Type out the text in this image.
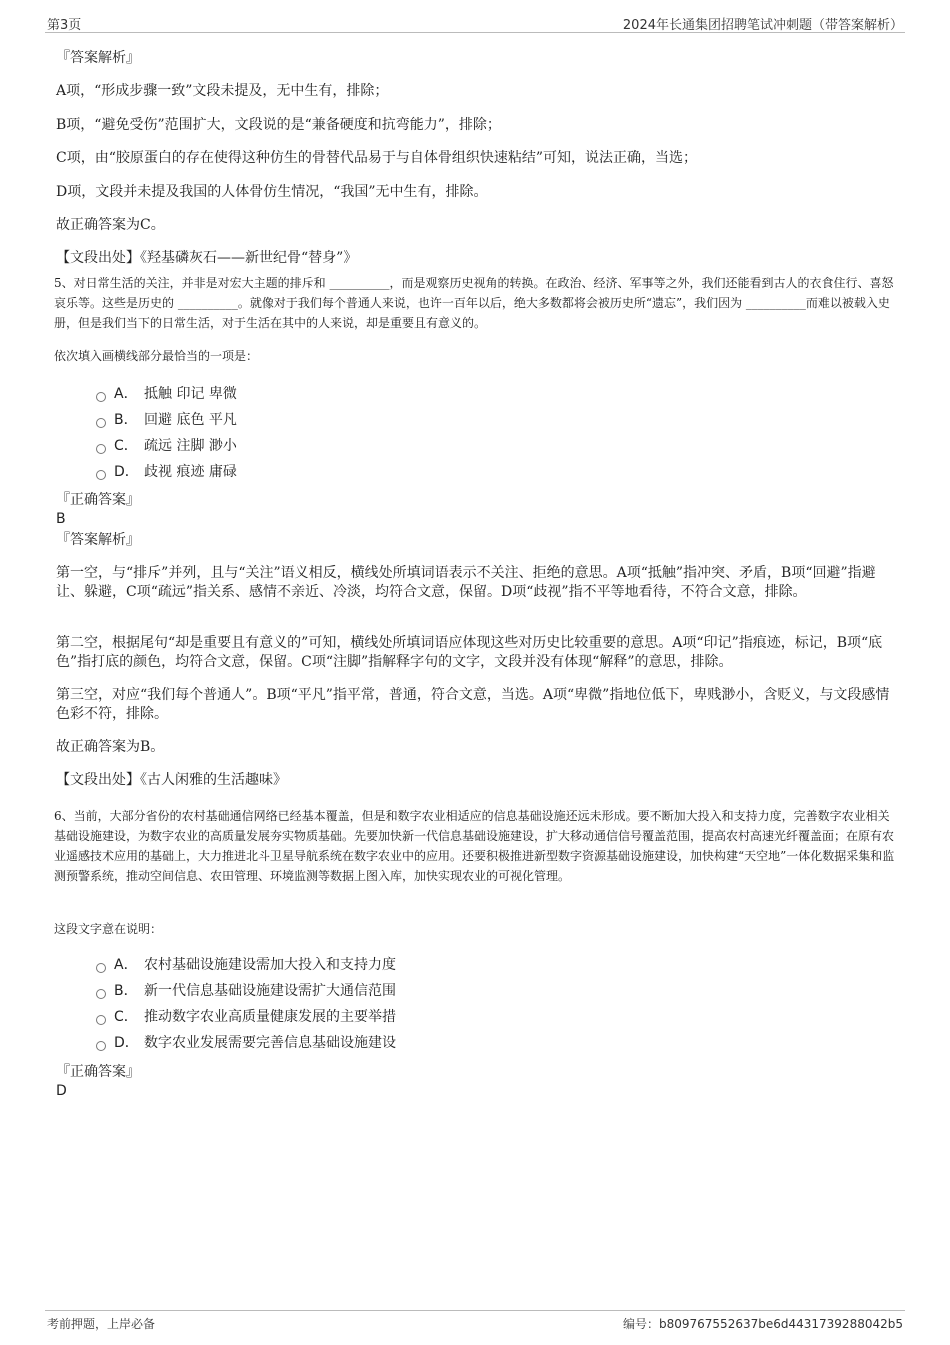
第3页	2024年长通集团招聘笔试冲刺题（带答案解析）
『答案解析』
A项，“形成步骤一致”文段未提及，无中生有，排除；
B项，“避免受伤”范围扩大，文段说的是“兼备硬度和抗弯能力”，排除；
C项，由“胶原蛋白的存在使得这种仿生的骨替代品易于与自体骨组织快速粘结”可知，说法正确，当选；
D项，文段并未提及我国的人体骨仿生情况，“我国”无中生有，排除。
故正确答案为C。
【文段出处】《羟基磷灰石——新世纪骨“替身”》
5、对日常生活的关注，并非是对宏大主题的排斥和 __________，而是观察历史视角的转换。在政治、经济、军事等之外，我们还能看到古人的衣食住行、喜怒哀乐等。这些是历史的 __________。就像对于我们每个普通人来说，也许一百年以后，绝大多数都将会被历史所“遗忘”，我们因为 __________而难以被载入史册，但是我们当下的日常生活，对于生活在其中的人来说，却是重要且有意义的。
依次填入画横线部分最恰当的一项是：
A． 抵触 印记 卑微
B． 回避 底色 平凡
C． 疏远 注脚 渺小
D． 歧视 痕迹 庸碌
『正确答案』
B
『答案解析』
第一空，与“排斥”并列，且与“关注”语义相反，横线处所填词语表示不关注、拒绝的意思。A项“抵触”指冲突、矛盾，B项“回避”指避让、躲避，C项“疏远”指关系、感情不亲近、冷淡，均符合文意，保留。D项“歧视”指不平等地看待，不符合文意，排除。
第二空，根据尾句“却是重要且有意义的”可知，横线处所填词语应体现这些对历史比较重要的意思。A项“印记”指痕迹，标记，B项“底色”指打底的颜色，均符合文意，保留。C项“注脚”指解释字句的文字，文段并没有体现“解释”的意思，排除。
第三空，对应“我们每个普通人”。B项“平凡”指平常，普通，符合文意，当选。A项“卑微”指地位低下，卑贱渺小，含贬义，与文段感情色彩不符，排除。
故正确答案为B。
【文段出处】《古人闲雅的生活趣味》
6、当前，大部分省份的农村基础通信网络已经基本覆盖，但是和数字农业相适应的信息基础设施还远未形成。要不断加大投入和支持力度，完善数字农业相关基础设施建设，为数字农业的高质量发展夯实物质基础。先要加快新一代信息基础设施建设，扩大移动通信信号覆盖范围，提高农村高速光纤覆盖面；在原有农业遥感技术应用的基础上，大力推进北斗卫星导航系统在数字农业中的应用。还要积极推进新型数字资源基础设施建设，加快构建“天空地”一体化数据采集和监测预警系统，推动空间信息、农田管理、环境监测等数据上图入库，加快实现农业的可视化管理。
这段文字意在说明：
A． 农村基础设施建设需加大投入和支持力度
B． 新一代信息基础设施建设需扩大通信范围
C． 推动数字农业高质量健康发展的主要举措
D． 数字农业发展需要完善信息基础设施建设
『正确答案』
D
考前押题，上岸必备	编号：b809767552637be6d4431739288042b5
